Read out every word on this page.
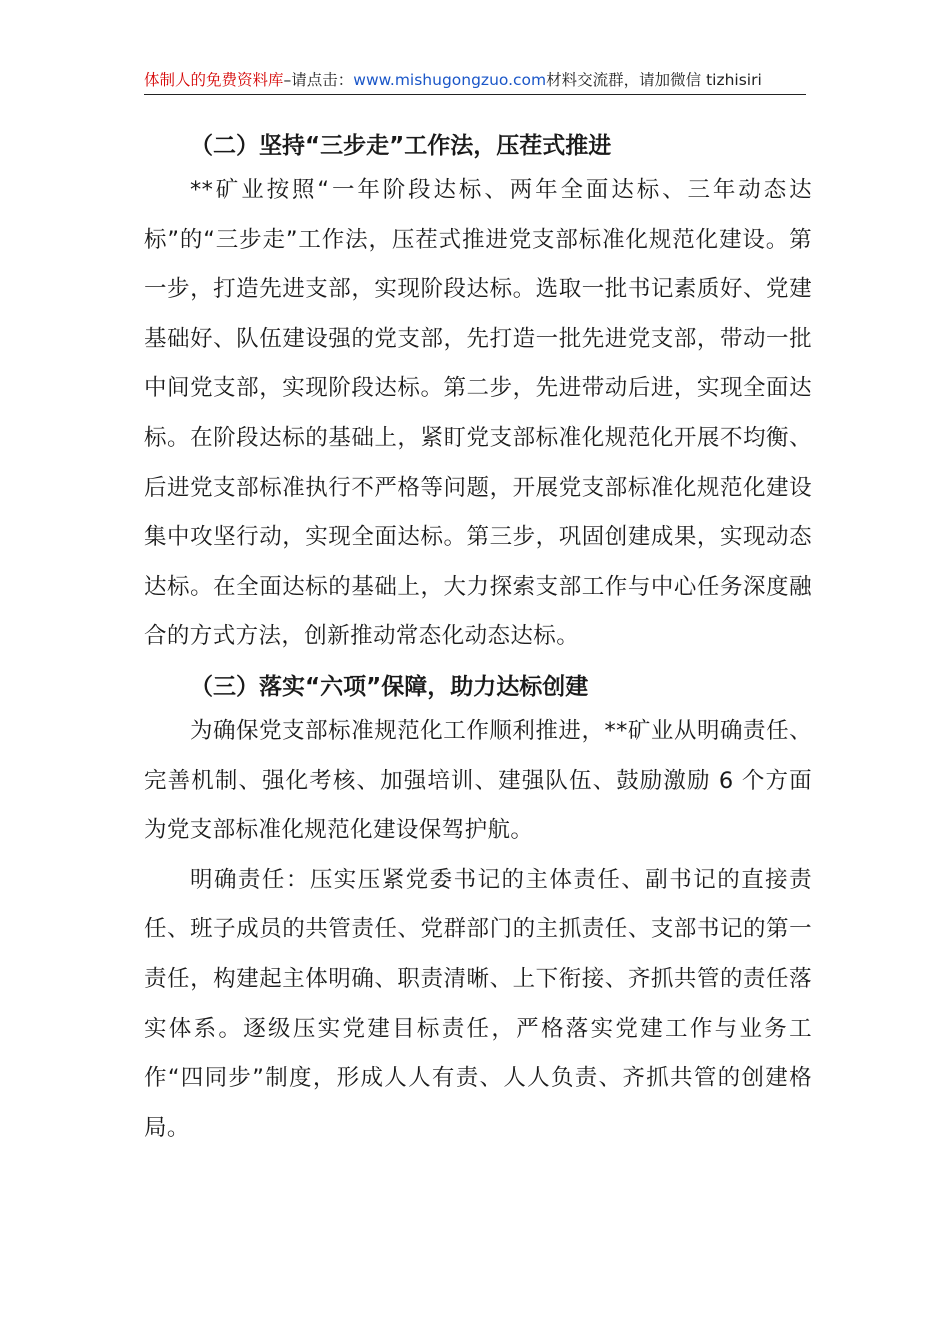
体制人的免费资料库–请点击：www.mishugongzuo.com材料交流群，请加微信 tizhisiri
（二）坚持“三步走”工作法，压茬式推进

**矿业按照“一年阶段达标、两年全面达标、三年动态达标”的“三步走”工作法，压茬式推进党支部标准化规范化建设。第一步，打造先进支部，实现阶段达标。选取一批书记素质好、党建基础好、队伍建设强的党支部，先打造一批先进党支部，带动一批中间党支部，实现阶段达标。第二步，先进带动后进，实现全面达标。在阶段达标的基础上，紧盯党支部标准化规范化开展不均衡、后进党支部标准执行不严格等问题，开展党支部标准化规范化建设集中攻坚行动，实现全面达标。第三步，巩固创建成果，实现动态达标。在全面达标的基础上，大力探索支部工作与中心任务深度融合的方式方法，创新推动常态化动态达标。

（三）落实“六项”保障，助力达标创建

为确保党支部标准规范化工作顺利推进，**矿业从明确责任、完善机制、强化考核、加强培训、建强队伍、鼓励激励 6 个方面为党支部标准化规范化建设保驾护航。

明确责任：压实压紧党委书记的主体责任、副书记的直接责任、班子成员的共管责任、党群部门的主抓责任、支部书记的第一责任，构建起主体明确、职责清晰、上下衔接、齐抓共管的责任落实体系。逐级压实党建目标责任，严格落实党建工作与业务工作“四同步”制度，形成人人有责、人人负责、齐抓共管的创建格局。
